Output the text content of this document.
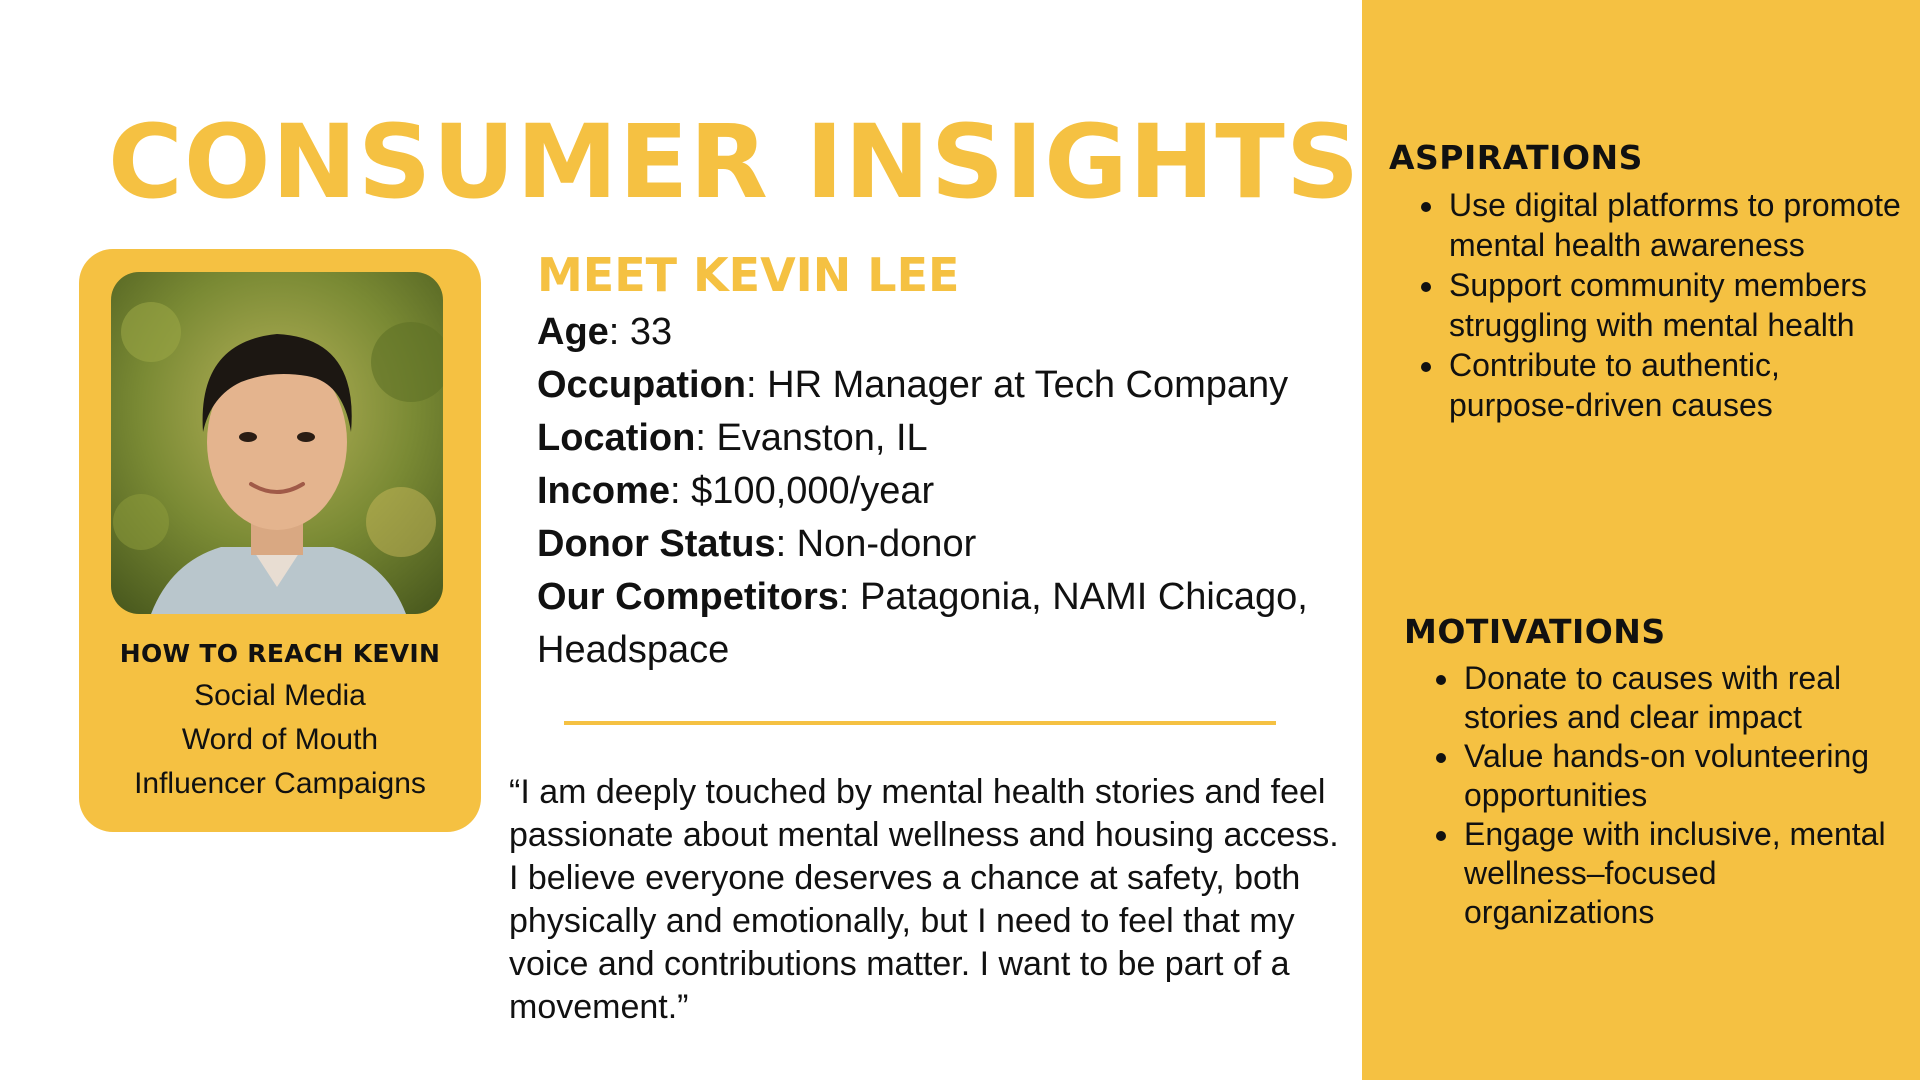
CONSUMER INSIGHTS
HOW TO REACH KEVIN
Social Media
Word of Mouth
Influencer Campaigns
MEET KEVIN LEE

Age: 33

Occupation: HR Manager at Tech Company

Location: Evanston, IL

Income: $100,000/year

Donor Status: Non-donor

Our Competitors: Patagonia, NAMI Chicago, Headspace

“I am deeply touched by mental health stories and feel passionate about mental wellness and housing access. I believe everyone deserves a chance at safety, both physically and emotionally, but I need to feel that my voice and contributions matter. I want to be part of a movement.”

ASPIRATIONS
• Use digital platforms to promote mental health awareness
• Support community members struggling with mental health
• Contribute to authentic, purpose-driven causes
MOTIVATIONS
• Donate to causes with real stories and clear impact
• Value hands-on volunteering opportunities
• Engage with inclusive, mental wellness–focused organizations
